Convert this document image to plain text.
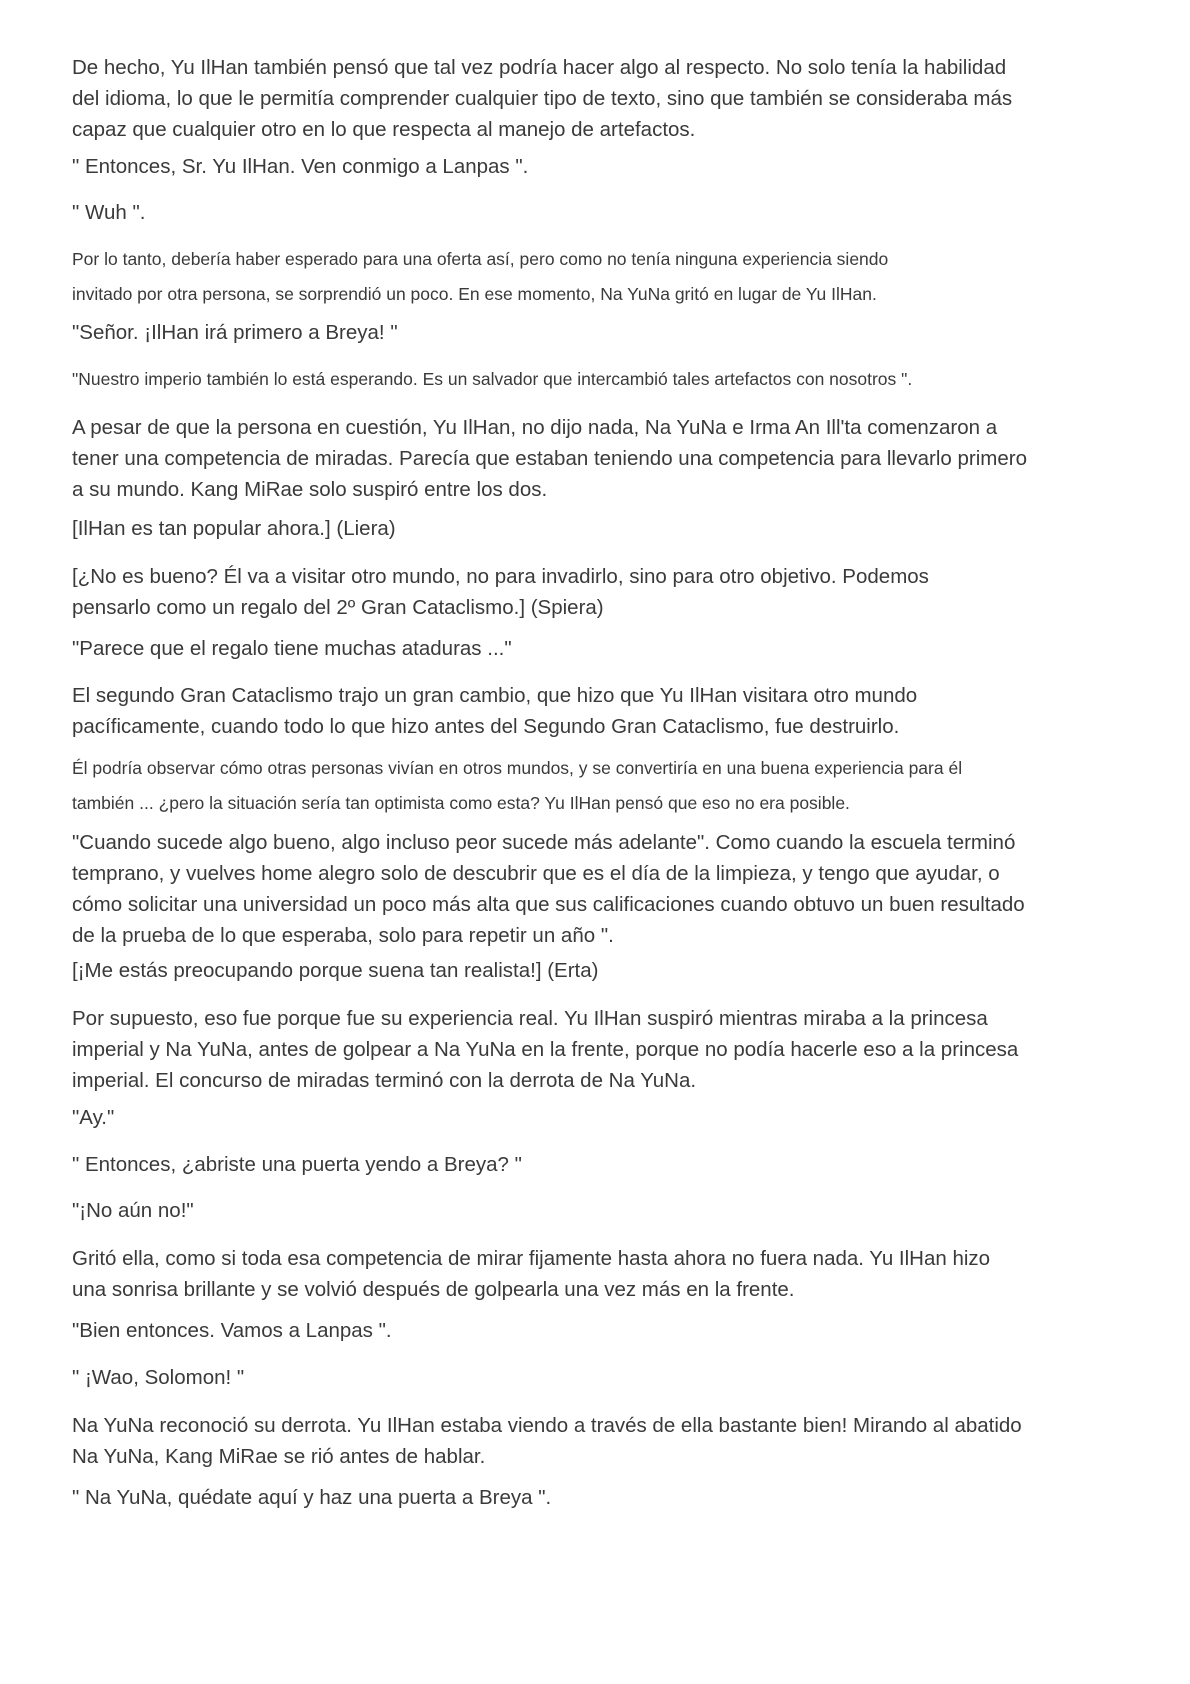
De hecho, Yu IlHan también pensó que tal vez podría hacer algo al respecto. No solo tenía la habilidad
del idioma, lo que le permitía comprender cualquier tipo de texto, sino que también se consideraba más
capaz que cualquier otro en lo que respecta al manejo de artefactos.

" Entonces, Sr. Yu IlHan. Ven conmigo a Lanpas ".

" Wuh ".

Por lo tanto, debería haber esperado para una oferta así, pero como no tenía ninguna experiencia siendo
invitado por otra persona, se sorprendió un poco. En ese momento, Na YuNa gritó en lugar de Yu IlHan.

"Señor. ¡IlHan irá primero a Breya! "

"Nuestro imperio también lo está esperando. Es un salvador que intercambió tales artefactos con nosotros ".

A pesar de que la persona en cuestión, Yu IlHan, no dijo nada, Na YuNa e Irma An Ill'ta comenzaron a
tener una competencia de miradas. Parecía que estaban teniendo una competencia para llevarlo primero
a su mundo. Kang MiRae solo suspiró entre los dos.

[IlHan es tan popular ahora.] (Liera)

[¿No es bueno? Él va a visitar otro mundo, no para invadirlo, sino para otro objetivo. Podemos
pensarlo como un regalo del 2º Gran Cataclismo.] (Spiera)

"Parece que el regalo tiene muchas ataduras ..."

El segundo Gran Cataclismo trajo un gran cambio, que hizo que Yu IlHan visitara otro mundo
pacíficamente, cuando todo lo que hizo antes del Segundo Gran Cataclismo, fue destruirlo.

Él podría observar cómo otras personas vivían en otros mundos, y se convertiría en una buena experiencia para él
también ... ¿pero la situación sería tan optimista como esta? Yu IlHan pensó que eso no era posible.

"Cuando sucede algo bueno, algo incluso peor sucede más adelante". Como cuando la escuela terminó
temprano, y vuelves home alegro solo de descubrir que es el día de la limpieza, y tengo que ayudar, o
cómo solicitar una universidad un poco más alta que sus calificaciones cuando obtuvo un buen resultado
de la prueba de lo que esperaba, solo para repetir un año ".

[¡Me estás preocupando porque suena tan realista!] (Erta)

Por supuesto, eso fue porque fue su experiencia real. Yu IlHan suspiró mientras miraba a la princesa
imperial y Na YuNa, antes de golpear a Na YuNa en la frente, porque no podía hacerle eso a la princesa
imperial. El concurso de miradas terminó con la derrota de Na YuNa.

"Ay."

" Entonces, ¿abriste una puerta yendo a Breya? "

"¡No aún no!"

Gritó ella, como si toda esa competencia de mirar fijamente hasta ahora no fuera nada. Yu IlHan hizo
una sonrisa brillante y se volvió después de golpearla una vez más en la frente.

"Bien entonces. Vamos a Lanpas ".

" ¡Wao, Solomon! "

Na YuNa reconoció su derrota. Yu IlHan estaba viendo a través de ella bastante bien! Mirando al abatido
Na YuNa, Kang MiRae se rió antes de hablar.

" Na YuNa, quédate aquí y haz una puerta a Breya ".
